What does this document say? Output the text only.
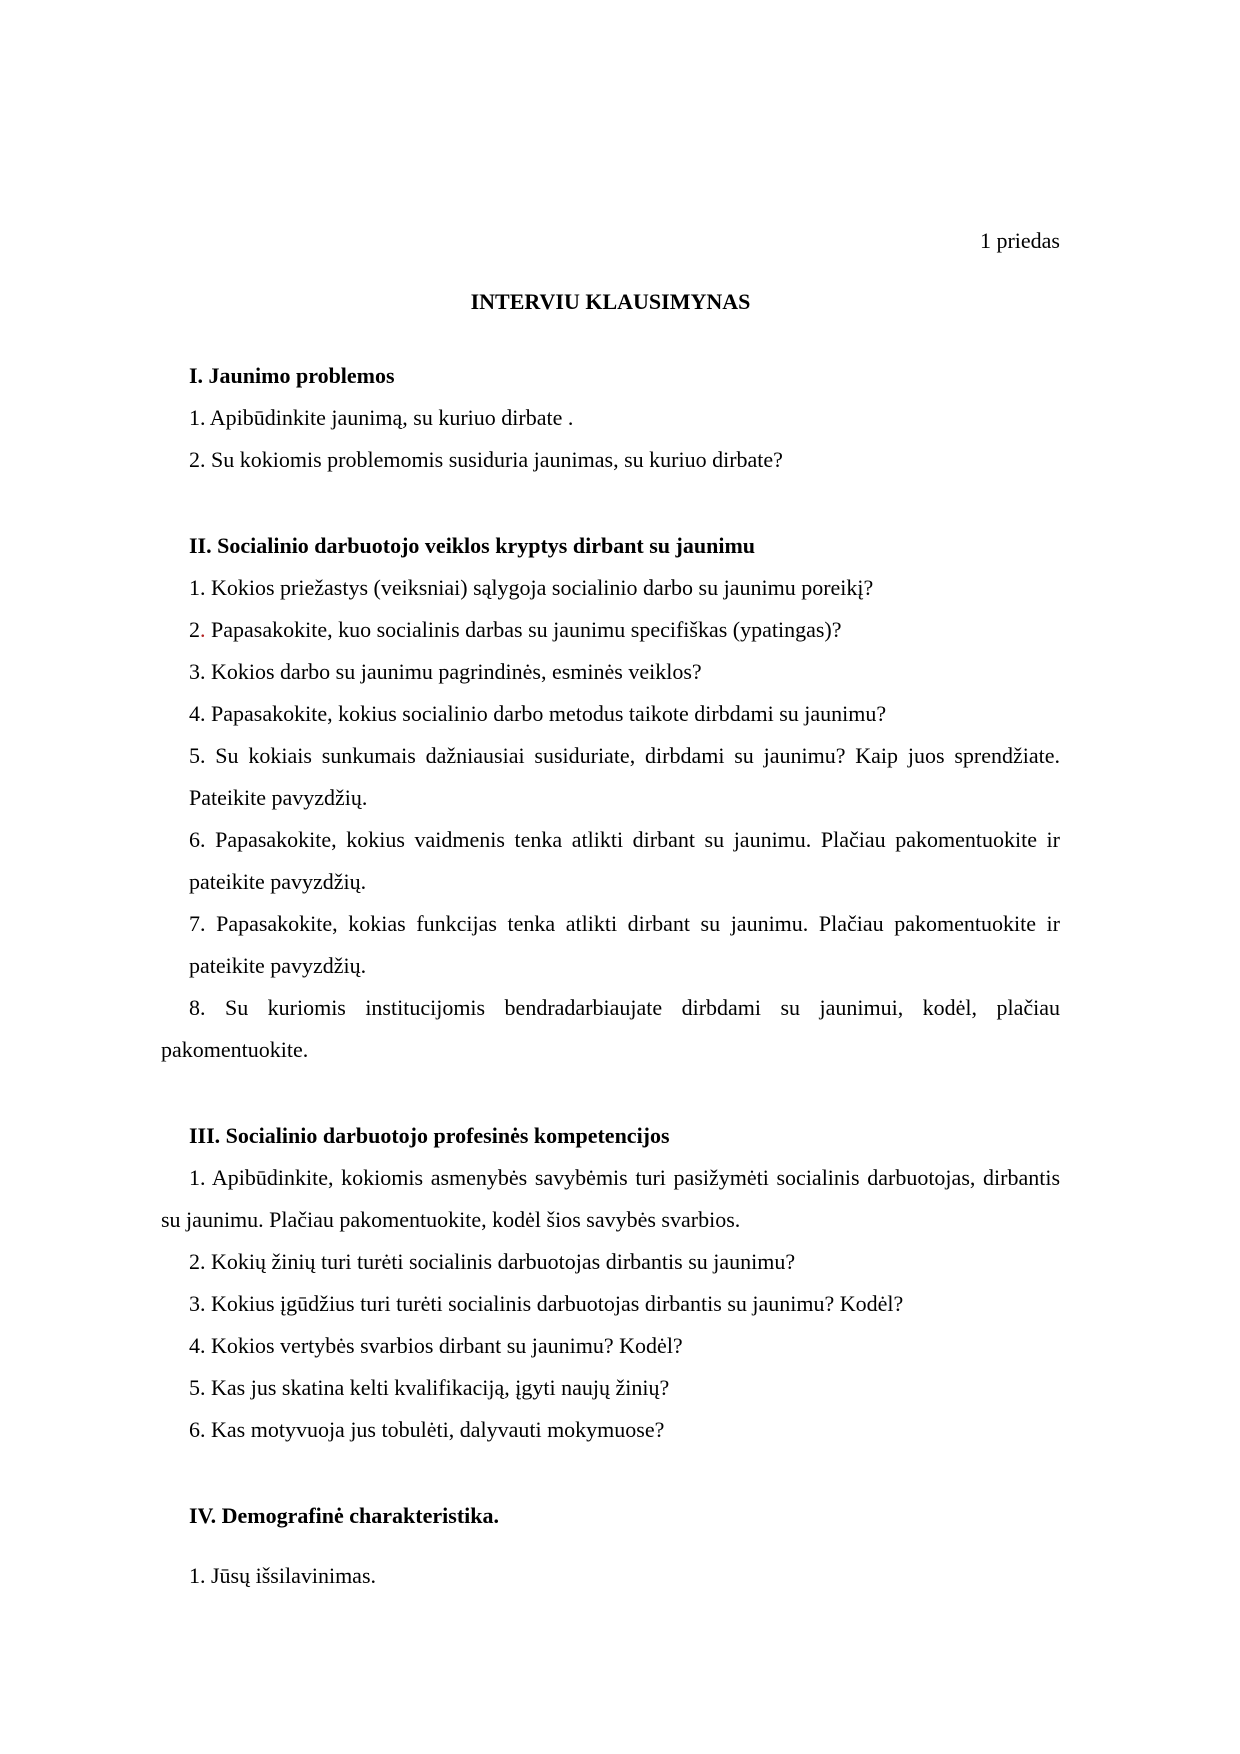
1 priedas
INTERVIU KLAUSIMYNAS
I. Jaunimo problemos

1. Apibūdinkite jaunimą, su kuriuo dirbate .

2. Su kokiomis problemomis susiduria jaunimas, su kuriuo dirbate?

II. Socialinio darbuotojo veiklos kryptys dirbant su jaunimu

1. Kokios priežastys (veiksniai) sąlygoja socialinio darbo su jaunimu poreikį?

2. Papasakokite, kuo socialinis darbas su jaunimu specifiškas (ypatingas)?

3. Kokios darbo su jaunimu pagrindinės, esminės veiklos?

4. Papasakokite, kokius socialinio darbo metodus taikote dirbdami su jaunimu?

5. Su kokiais sunkumais dažniausiai susiduriate, dirbdami su jaunimu? Kaip juos sprendžiate. Pateikite pavyzdžių.

6. Papasakokite, kokius vaidmenis tenka atlikti dirbant su jaunimu. Plačiau pakomentuokite ir pateikite pavyzdžių.

7. Papasakokite, kokias funkcijas tenka atlikti dirbant su jaunimu. Plačiau pakomentuokite ir pateikite pavyzdžių.

8. Su kuriomis institucijomis bendradarbiaujate dirbdami su jaunimui, kodėl, plačiau pakomentuokite.

III. Socialinio darbuotojo profesinės kompetencijos

1. Apibūdinkite, kokiomis asmenybės savybėmis turi pasižymėti socialinis darbuotojas, dirbantis su jaunimu. Plačiau pakomentuokite, kodėl šios savybės svarbios.

2. Kokių žinių turi turėti socialinis darbuotojas dirbantis su jaunimu?

3. Kokius įgūdžius turi turėti socialinis darbuotojas dirbantis su jaunimu? Kodėl?

4. Kokios vertybės svarbios dirbant su jaunimu? Kodėl?

5. Kas jus skatina kelti kvalifikaciją, įgyti naujų žinių?

6. Kas motyvuoja jus tobulėti, dalyvauti mokymuose?

IV. Demografinė charakteristika.

1. Jūsų išsilavinimas.
